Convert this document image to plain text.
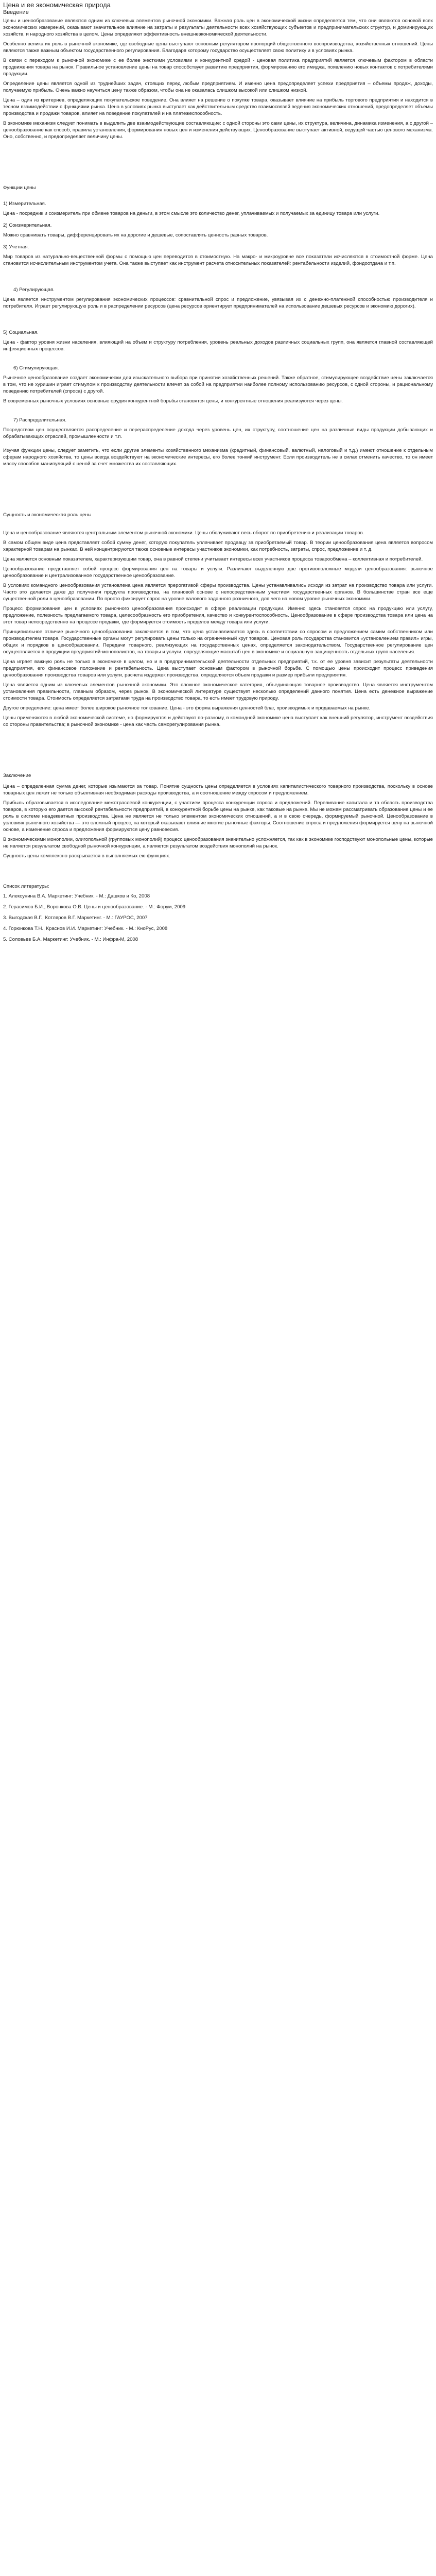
Цена и ее экономическая природа
Введение

Цены и ценообразование являются одним из ключевых элементов рыночной экономики. Важная роль цен в экономической жизни определяется тем, что они являются основой всех экономических измерений, оказывают значительное влияние на затраты и результаты деятельности всех хозяйствующих субъектов и предпринимательских структур, и доминирующих хозяйств, и народного хозяйства в целом. Цены определяют эффективность внешнеэкономической деятельности.

Особенно велика их роль в рыночной экономике, где свободные цены выступают основным регулятором пропорций общественного воспроизводства, хозяйственных отношений. Цены являются также важным объектом государственного регулирования. Благодаря которому государство осуществляет свою политику и в условиях рынка.

В связи с переходом к рыночной экономике с ее более жесткими условиями и конкурентной средой - ценовая политика предприятий является ключевым фактором в области продвижения товара на рынок. Правильное установление цены на товар способствует развитию предприятия, формированию его имиджа, появлению новых контактов с потребителями продукции.

Определение цены является одной из труднейших задач, стоящих перед любым предприятием. И именно цена предопределяет успехи предприятия – объемы продаж, доходы, получаемую прибыль. Очень важно научиться цену также образом, чтобы она не оказалась слишком высокой или слишком низкой.

Цена – один из критериев, определяющих покупательское поведение. Она влияет на решение о покупке товара, оказывает влияние на прибыль торгового предприятия и находится в тесном взаимодействии с функциями рынка. Цена в условиях рынка выступает как действительным средство взаимосвязей ведения экономических отношений, предопределяет объемы производства и продажи товаров, влияет на поведение покупателей и на платежеспособность.

В экономике механизм следует понимать в выделить две взаимодействующие составляющие: с одной стороны это сами цены, их структура, величина, динамика изменения, а с другой – ценообразование как способ, правила установления, формирования новых цен и изменения действующих. Ценообразование выступает активной, ведущей частью ценового механизма. Оно, собственно, и предопределяет величину цены.

Функции цены
1) Измерительная.

Цена - посредник и соизмеритель при обмене товаров на деньги, в этом смысле это количество денег, уплачиваемых и получаемых за единицу товара или услуги.

2) Соизмерительная.

Можно сравнивать товары, дифференцировать их на дорогие и дешевые, сопоставлять ценность разных товаров.

3) Учетная.

Мир товаров из натурально-вещественной формы с помощью цен переводится в стоимостную. На макро- и микроуровне все показатели исчисляются в стоимостной форме. Цена становится исчислительным инструментом учета. Она также выступает как инструмент расчета относительных показателей: рентабельности изделий, фондоотдача и т.п.

4) Регулирующая.

Цена является инструментом регулирования экономических процессов: сравнительной спрос и предложение, увязывая их с денежно-платежной способностью производителя и потребителя. Играет регулирующую роль и в распределении ресурсов (цена ресурсов ориентирует предпринимателей на использование дешевых ресурсов и экономию дорогих).

5) Социальная.

Цена - фактор уровня жизни населения, влияющий на объем и структуру потребления, уровень реальных доходов различных социальных групп, она является главной составляющей инфляционных процессов.

6) Стимулирующая.

Рыночное ценообразование создает экономически для изыскательного выбора при принятии хозяйственных решений. Также обратное, стимулирующее воздействие цены заключается в том, что не хуришин играет стимулом к производству деятельности влечет за собой на предприятии наиболее полному использованию ресурсов, с одной стороны, и рациональному поведению потребителей (спроса) с другой.

В современных рыночных условиях основные орудия конкурентной борьбы становятся цены, и конкурентные отношения реализуются через цены.

7) Распределительная.

Посредством цен осуществляется распределение и перераспределение дохода через уровень цен, их структуру, соотношение цен на различные виды продукции добывающих и обрабатывающих отраслей, промышленности и т.п.

Изучая функции цены, следует заметить, что если другие элементы хозяйственного механизма (кредитный, финансовый, валютный, налоговый и т.д.) имеют отношение к отдельным сферам народного хозяйства, то цены всегда воздействуют на экономические интересы, его более тонкий инструмент. Если производитель не в силах отменить качество, то он имеет массу способов манипуляций с ценой за счет множества их составляющих.

Сущность и экономическая роль цены

Цена и ценообразование являются центральным элементом рыночной экономики. Цены обслуживают весь оборот по приобретению и реализации товаров.

В самом общем виде цена представляет собой сумму денег, которую покупатель уплачивает продавцу за приобретаемый товар. В теории ценообразования цена является вопросом характерной товарам на рынках. В ней концентрируются также основные интересы участников экономики, как потребность, затраты, спрос, предложение и т. д.

Цена является основным показателем, характеризующим товар, она в равной степени учитывает интересы всех участников процесса товарообмена – коллективная и потребителей.

Ценообразование представляет собой процесс формирования цен на товары и услуги. Различают выделенную две противоположные модели ценообразования: рыночное ценообразование и централизованное государственное ценообразование.

В условиях командного ценообразования установлена цена является прерогативой сферы производства. Цены устанавливались исходя из затрат на производство товара или услуги. Часто это делается даже до получения продукта производства, на плановой основе с непосредственным участием государственных органов. В большинстве стран все еще существенной роли в ценообразовании. По просто фиксирует спрос на уровне валового заданного розничного, для чего на новом уровне рыночных экономики.

Процесс формирования цен в условиях рыночного ценообразования происходит в сфере реализации продукции. Именно здесь становятся спрос на продукцию или услугу, предложение, полезность предлагаемого товара, целесообразность его приобретения, качество и конкурентоспособность. Ценообразование в сфере производства товара или цена на этот товар непосредственно на процессе продажи, где формируется стоимость пределов между товара или услуги.

Принципиальное отличие рыночного ценообразования заключается в том, что цена устанавливается здесь в соответствии со спросом и предложением самим собственником или производителем товара. Государственные органы могут регулировать цены только на ограниченный круг товаров. Ценовая роль государства становится «установлением правил» игры, общих и порядков в ценообразовании. Передачи товарного, реализующих на государственных ценах, определяется законодательством. Государственное регулирование цен осуществляется в продукции предприятий-монополистов, на товары и услуги, определяющие масштаб цен в экономике и социальную защищенность отдельных групп населения.

Цена играет важную роль не только в экономике в целом, но и в предпринимательской деятельности отдельных предприятий, т.к. от ее уровня зависит результаты деятельности предприятия, его финансовое положение и рентабельность. Цена выступает основным фактором в рыночной борьбе. С помощью цены происходит процесс приведения ценообразования производства товаров или услуги, расчета издержек производства, определяются объем продажи и размер прибыли предприятия.

Цена является одним из ключевых элементов рыночной экономики. Это сложное экономическое категория, объединяющая товарное производство. Цена является инструментом установления правильности, главным образом, через рынок. В экономической литературе существует несколько определений данного понятия. Цена есть денежное выражение стоимости товара. Стоимость определяется затратами труда на производство товара, то есть имеет трудовую природу.

Другое определение: цена имеет более широкое рыночное толкование. Цена - это форма выражения ценностей благ, производимых и продаваемых на рынке.

Цены применяются в любой экономической системе, но формируются и действуют по-разному, в командной экономике цена выступает как внешний регулятор, инструмент воздействия со стороны правительства; в рыночной экономике - цена как часть саморегулирования рынка.

Заключение

Цена – определенная сумма денег, которые изымаются за товар. Понятие сущность цены определяется в условиях капиталистического товарного производства, поскольку в основе товарных цен лежит не только объективная необходимая расходы производства, а и соотношение между спросом и предложением.

Прибыль образовывается в исследование межотраслевой конкуренции, с участием процесса конкуренции спроса и предложений. Переливание капитала и та область производства товаров, в которую его дается высокой рентабельности предприятий, в конкурентной борьбе цены на рынке, как таковые на рынке. Мы не можем рассматривать образование цены и ее роль в системе неадекватных производства. Цена не является не только элементом экономических отношений, а и в свою очередь, формируемый рыночной. Ценообразование в условиях рыночного хозяйства — это сложный процесс, на который оказывают влияние многие рыночные факторы. Соотношение спроса и предложения формируется цену на рыночной основе, а изменение спроса и предложения формируются цену равновесия.

В экономическими монополии, олигопольной (групповых монополий) процесс ценообразования значительно усложняется, так как в экономике господствуют монопольные цены, которые не является результатом свободной рыночной конкуренции, а являются результатом воздействия монополий на рынок.

Сущность цены комплексно раскрывается в выполняемых ею функциях.

Список литературы:
1. Алексунина В.А. Маркетинг: Учебник. - М.: Дашков и Ко, 2008
2. Герасимов Б.И., Воронкова О.В. Цены и ценообразование. - М.: Форум, 2009
3. Выгодская В.Г., Котляров В.Г. Маркетинг. - М.: ГАУРОС, 2007
4. Горюнкова Т.Н., Краснов И.И. Маркетинг: Учебник. - М.: КноРус, 2008
5. Соловьев Б.А. Маркетинг: Учебник. - М.: Инфра-М, 2008
